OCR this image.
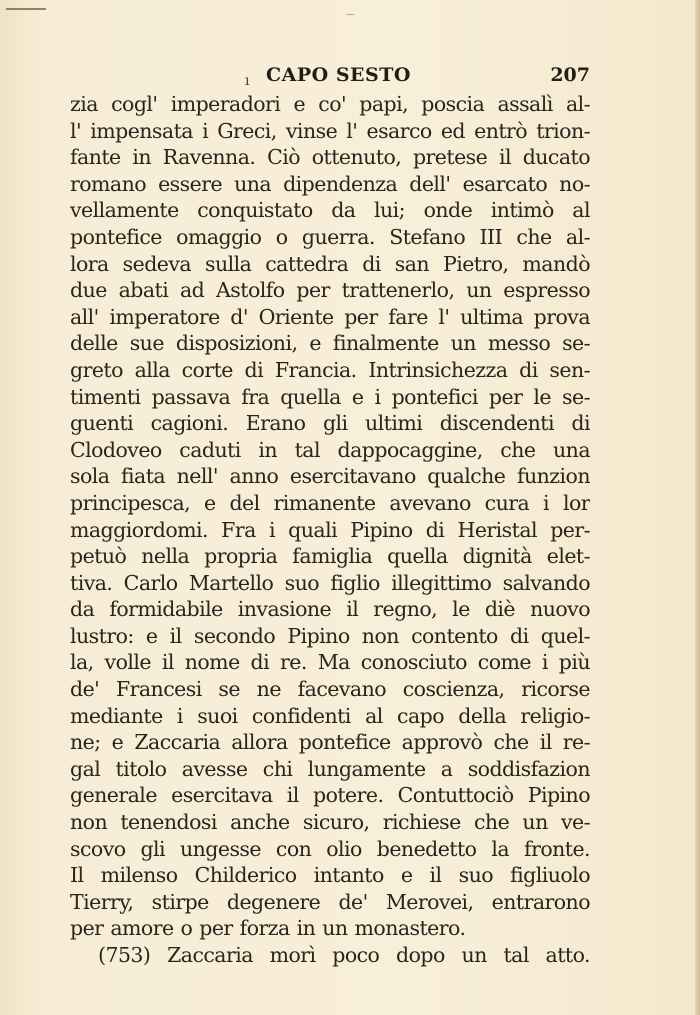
ı CAPO SESTO	207
zia cogl' imperadori e co' papi, poscia assalì al-
l' impensata i Greci, vinse l' esarco ed entrò trion-
fante in Ravenna. Ciò ottenuto, pretese il ducato
romano essere una dipendenza dell' esarcato no-
vellamente conquistato da lui; onde intimò al
pontefice omaggio o guerra. Stefano III che al-
lora sedeva sulla cattedra di san Pietro, mandò
due abati ad Astolfo per trattenerlo, un espresso
all' imperatore d' Oriente per fare l' ultima prova
delle sue disposizioni, e finalmente un messo se-
greto alla corte di Francia. Intrinsichezza di sen-
timenti passava fra quella e i pontefici per le se-
guenti cagioni. Erano gli ultimi discendenti di
Clodoveo caduti in tal dappocaggine, che una
sola fiata nell' anno esercitavano qualche funzion
principesca, e del rimanente avevano cura i lor
maggiordomi. Fra i quali Pipino di Heristal per-
petuò nella propria famiglia quella dignità elet-
tiva. Carlo Martello suo figlio illegittimo salvando
da formidabile invasione il regno, le diè nuovo
lustro: e il secondo Pipino non contento di quel-
la, volle il nome di re. Ma conosciuto come i più
de' Francesi se ne facevano coscienza, ricorse
mediante i suoi confidenti al capo della religio-
ne; e Zaccaria allora pontefice approvò che il re-
gal titolo avesse chi lungamente a soddisfazion
generale esercitava il potere. Contuttociò Pipino
non tenendosi anche sicuro, richiese che un ve-
scovo gli ungesse con olio benedetto la fronte.
Il milenso Childerico intanto e il suo figliuolo
Tierry, stirpe degenere de' Merovei, entrarono
per amore o per forza in un monastero.
(753) Zaccaria morì poco dopo un tal atto.
